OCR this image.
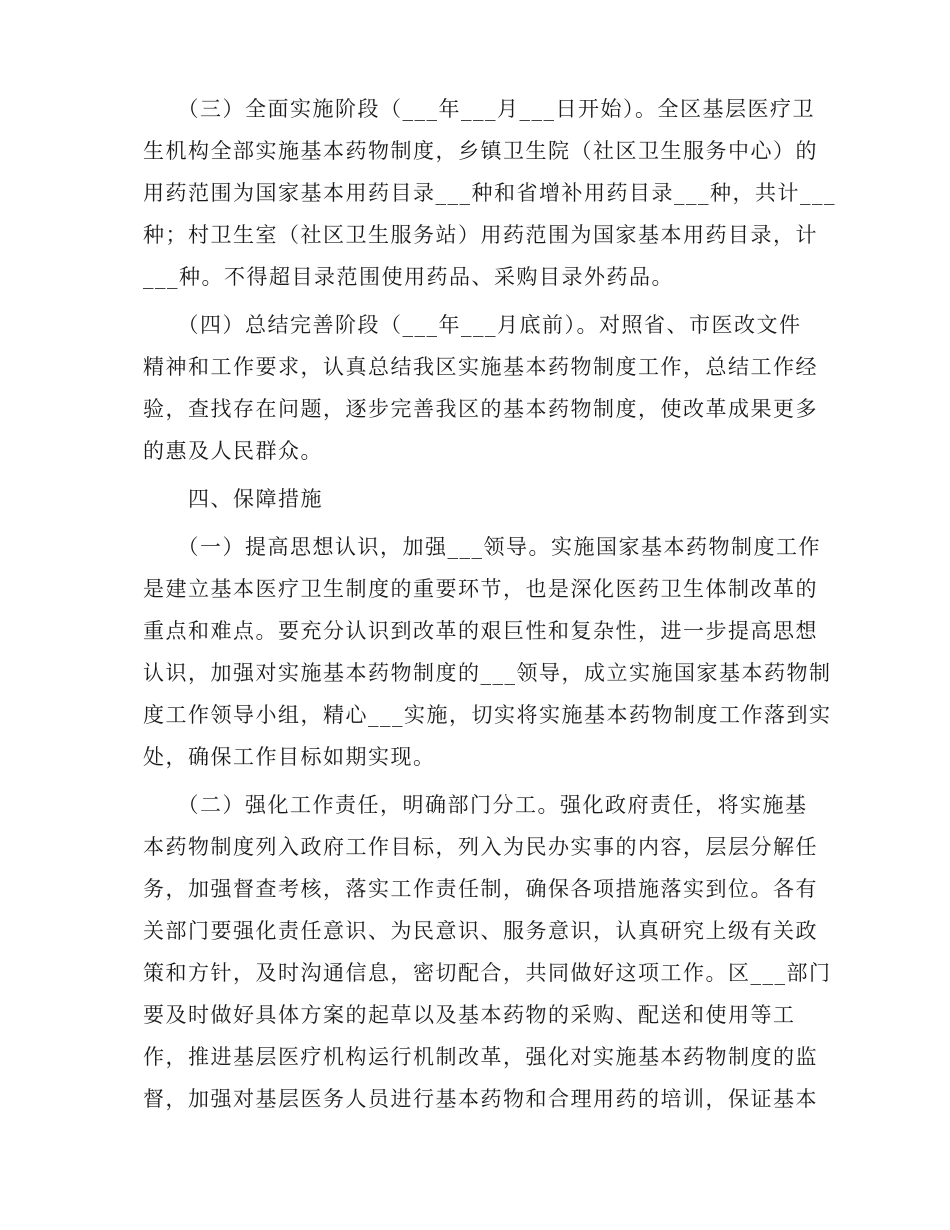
　　（三）全面实施阶段（___年___月___日开始）。全区基层医疗卫
生机构全部实施基本药物制度，乡镇卫生院（社区卫生服务中心）的
用药范围为国家基本用药目录___种和省增补用药目录___种，共计___
种；村卫生室（社区卫生服务站）用药范围为国家基本用药目录，计
___种。不得超目录范围使用药品、采购目录外药品。
　　（四）总结完善阶段（___年___月底前）。对照省、市医改文件
精神和工作要求，认真总结我区实施基本药物制度工作，总结工作经
验，查找存在问题，逐步完善我区的基本药物制度，使改革成果更多
的惠及人民群众。
　　四、保障措施
　　（一）提高思想认识，加强___领导。实施国家基本药物制度工作
是建立基本医疗卫生制度的重要环节，也是深化医药卫生体制改革的
重点和难点。要充分认识到改革的艰巨性和复杂性，进一步提高思想
认识，加强对实施基本药物制度的___领导，成立实施国家基本药物制
度工作领导小组，精心___实施，切实将实施基本药物制度工作落到实
处，确保工作目标如期实现。
　　（二）强化工作责任，明确部门分工。强化政府责任，将实施基
本药物制度列入政府工作目标，列入为民办实事的内容，层层分解任
务，加强督查考核，落实工作责任制，确保各项措施落实到位。各有
关部门要强化责任意识、为民意识、服务意识，认真研究上级有关政
策和方针，及时沟通信息，密切配合，共同做好这项工作。区___部门
要及时做好具体方案的起草以及基本药物的采购、配送和使用等工
作，推进基层医疗机构运行机制改革，强化对实施基本药物制度的监
督，加强对基层医务人员进行基本药物和合理用药的培训，保证基本
